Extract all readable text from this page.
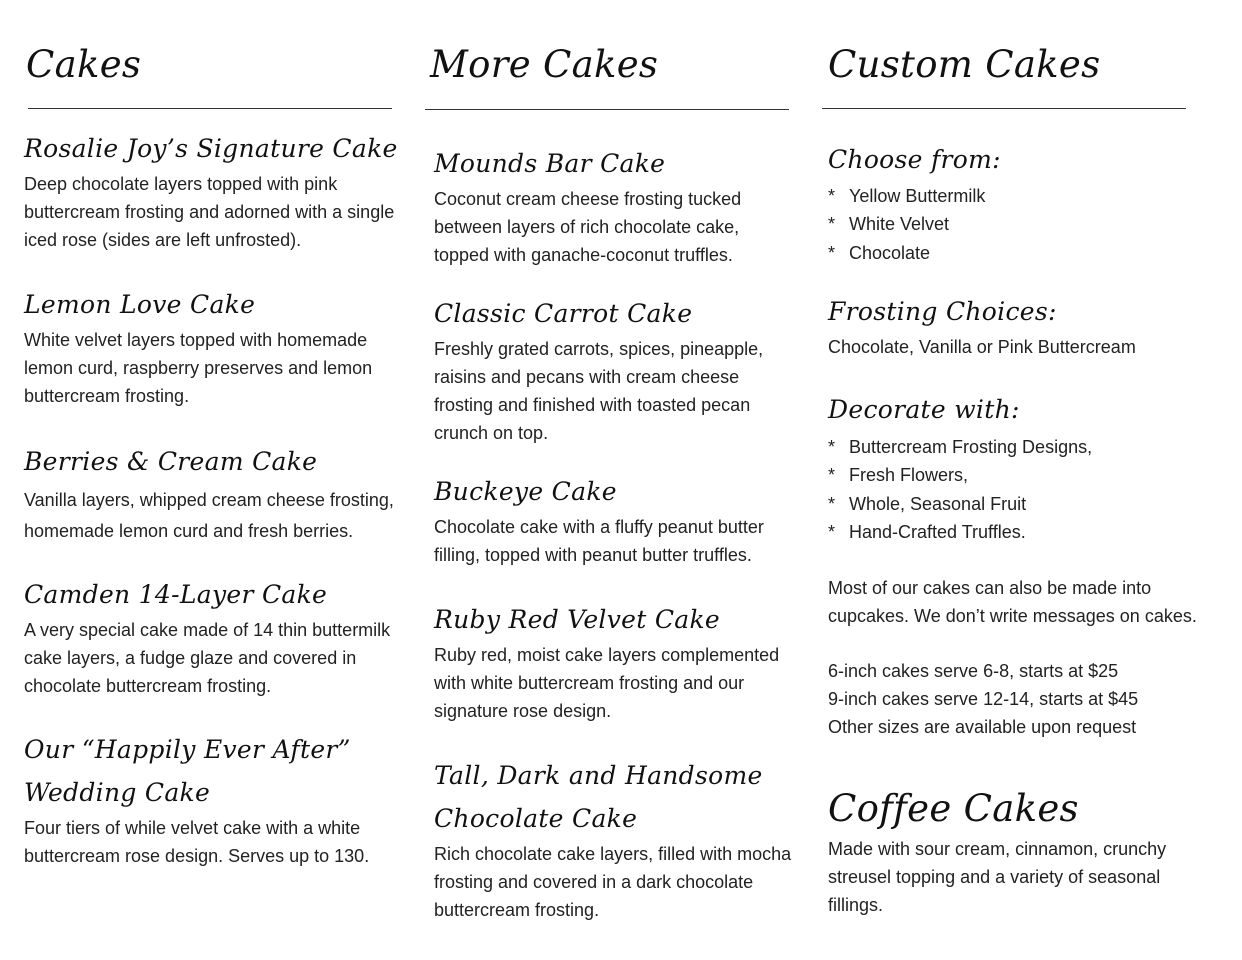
Cakes
Rosalie Joy’s Signature Cake

Deep chocolate layers topped with pink buttercream frosting and adorned with a single iced rose (sides are left unfrosted).

Lemon Love Cake

White velvet layers topped with homemade lemon curd, raspberry preserves and lemon buttercream frosting.

Berries & Cream Cake

Vanilla layers, whipped cream cheese frosting, homemade lemon curd and fresh berries.

Camden 14-Layer Cake

A very special cake made of 14 thin buttermilk cake layers, a fudge glaze and covered in chocolate buttercream frosting.

Our “Happily Ever After” Wedding Cake

Four tiers of while velvet cake with a white buttercream rose design. Serves up to 130.

More Cakes
Mounds Bar Cake

Coconut cream cheese frosting tucked between layers of rich chocolate cake, topped with ganache-coconut truffles.

Classic Carrot Cake

Freshly grated carrots, spices, pineapple, raisins and pecans with cream cheese frosting and finished with toasted pecan crunch on top.

Buckeye Cake

Chocolate cake with a fluffy peanut butter filling, topped with peanut butter truffles.

Ruby Red Velvet Cake

Ruby red, moist cake layers complemented with white buttercream frosting and our signature rose design.

Tall, Dark and Handsome Chocolate Cake

Rich chocolate cake layers, filled with mocha frosting and covered in a dark chocolate buttercream frosting.

Custom Cakes
Choose from:
* Yellow Buttermilk
* White Velvet
* Chocolate
Frosting Choices:

Chocolate, Vanilla or Pink Buttercream

Decorate with:
* Buttercream Frosting Designs,
* Fresh Flowers,
* Whole, Seasonal Fruit
* Hand-Crafted Truffles.

Most of our cakes can also be made into cupcakes. We don’t write messages on cakes.

6-inch cakes serve 6-8, starts at $25

9-inch cakes serve 12-14, starts at $45

Other sizes are available upon request

Coffee Cakes

Made with sour cream, cinnamon, crunchy streusel topping and a variety of seasonal fillings.
